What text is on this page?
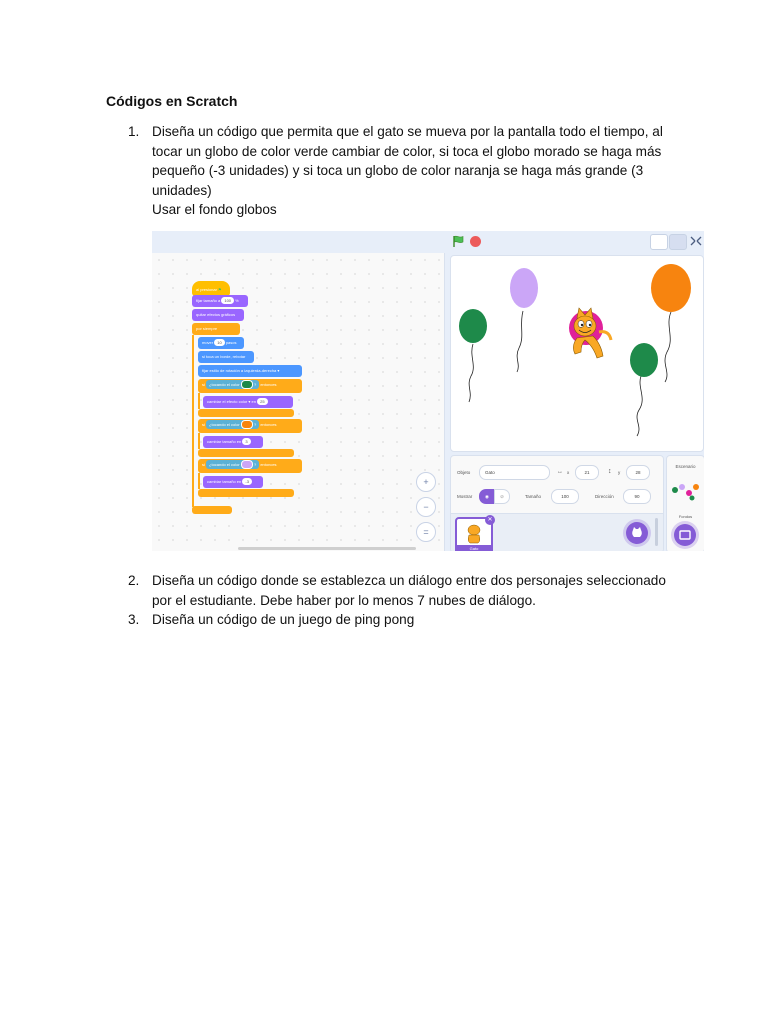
Códigos en Scratch
1. Diseña un código que permita que el gato se mueva por la pantalla todo el tiempo, al tocar un globo de color verde cambiar de color, si toca el globo morado se haga más pequeño (-3 unidades) y si toca un globo de color naranja se haga más grande (3 unidades)
Usar el fondo globos
al presionar ⚑
fijar tamaño a 100 %
quitar efectos gráficos
por siempre
mover 10 pasos
si toca un borde, rebotar
fijar estilo de rotación a izquierda-derecha ▾
si ¿tocando el color	? entonces
cambiar el efecto color ▾ en 25
si ¿tocando el color	? entonces
cambiar tamaño en 3
si ¿tocando el color	? entonces
cambiar tamaño en -3	+
−
=
Objeto	Gato	↔ x	21	↕ y	28
Mostrar	◉	⊘	Tamaño	100	Dirección	90
Gato
✕
Escenario
Fondos
2. Diseña un código donde se establezca un diálogo entre dos personajes seleccionado por el estudiante. Debe haber por lo menos 7 nubes de diálogo.
3. Diseña un código de un juego de ping pong
